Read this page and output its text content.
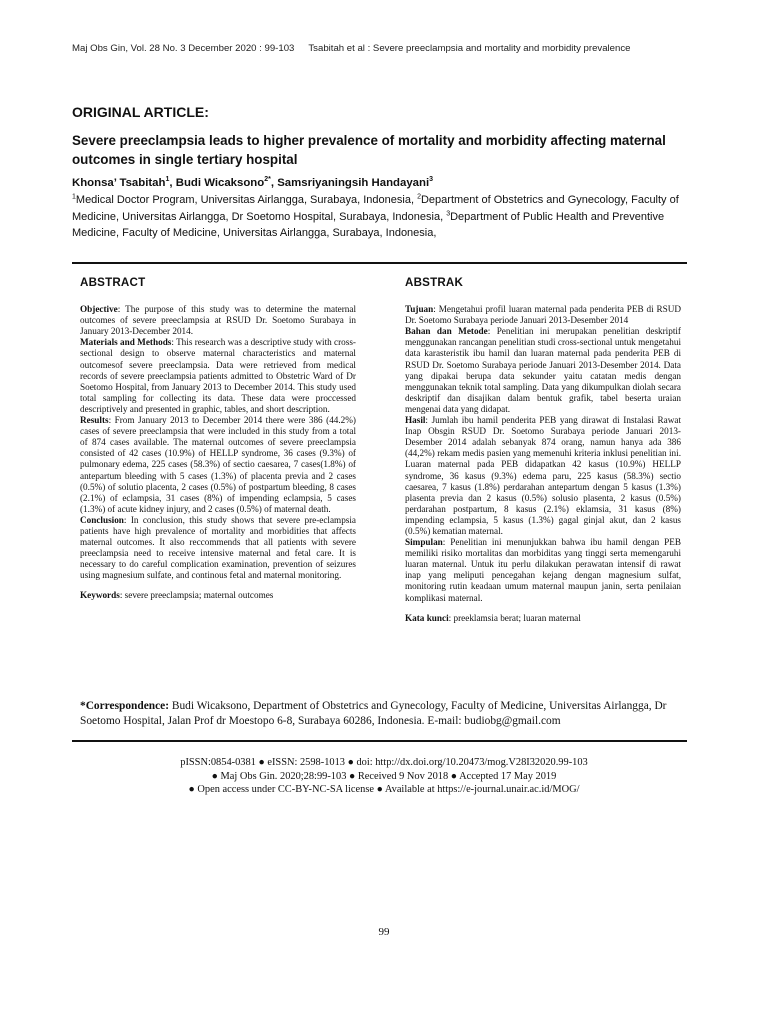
Maj Obs Gin, Vol. 28 No. 3 December 2020 : 99-103 Tsabitah et al : Severe preeclampsia and mortality and morbidity prevalence
ORIGINAL ARTICLE:
Severe preeclampsia leads to higher prevalence of mortality and morbidity affecting maternal outcomes in single tertiary hospital
Khonsa’ Tsabitah$^1$, Budi Wicaksono$^{2*}$, Samsriyaningsih Handayani$^3$
$^1$Medical Doctor Program, Universitas Airlangga, Surabaya, Indonesia, $^2$Department of Obstetrics and Gynecology, Faculty of Medicine, Universitas Airlangga, Dr Soetomo Hospital, Surabaya, Indonesia, $^3$Department of Public Health and Preventive Medicine, Faculty of Medicine, Universitas Airlangga, Surabaya, Indonesia,
ABSTRACT

Objective: The purpose of this study was to determine the maternal outcomes of severe preeclampsia at RSUD Dr. Soetomo Surabaya in January 2013-December 2014.

Materials and Methods: This research was a descriptive study with cross-sectional design to observe maternal characteristics and maternal outcomesof severe preeclampsia. Data were retrieved from medical records of severe preeclampsia patients admitted to Obstetric Ward of Dr Soetomo Hospital, from January 2013 to December 2014. This study used total sampling for collecting its data. These data were proccessed descriptively and presented in graphic, tables, and short description.

Results: From January 2013 to December 2014 there were 386 (44.2%) cases of severe preeclampsia that were included in this study from a total of 874 cases available. The maternal outcomes of severe preeclampsia consisted of 42 cases (10.9%) of HELLP syndrome, 36 cases (9.3%) of pulmonary edema, 225 cases (58.3%) of sectio caesarea, 7 cases(1.8%) of antepartum bleeding with 5 cases (1.3%) of placenta previa and 2 cases (0.5%) of solutio placenta, 2 cases (0.5%) of postpartum bleeding, 8 cases (2.1%) of eclampsia, 31 cases (8%) of impending eclampsia, 5 cases (1.3%) of acute kidney injury, and 2 cases (0.5%) of maternal death.

Conclusion: In conclusion, this study shows that severe pre-eclampsia patients have high prevalence of mortality and morbidities that affects maternal outcomes. It also reccommends that all patients with severe preeclampsia need to receive intensive maternal and fetal care. It is necessary to do careful complication examination, prevention of seizures using magnesium sulfate, and continous fetal and maternal monitoring.

Keywords: severe preeclampsia; maternal outcomes

ABSTRAK

Tujuan: Mengetahui profil luaran maternal pada penderita PEB di RSUD Dr. Soetomo Surabaya periode Januari 2013-Desember 2014

Bahan dan Metode: Penelitian ini merupakan penelitian deskriptif menggunakan rancangan penelitian studi cross-sectional untuk mengetahui data karasteristik ibu hamil dan luaran maternal pada penderita PEB di RSUD Dr. Soetomo Surabaya periode Januari 2013-Desember 2014. Data yang dipakai berupa data sekunder yaitu catatan medis dengan menggunakan teknik total sampling. Data yang dikumpulkan diolah secara deskriptif dan disajikan dalam bentuk grafik, tabel beserta uraian mengenai data yang didapat.

Hasil: Jumlah ibu hamil penderita PEB yang dirawat di Instalasi Rawat Inap Obsgin RSUD Dr. Soetomo Surabaya periode Januari 2013-Desember 2014 adalah sebanyak 874 orang, namun hanya ada 386 (44,2%) rekam medis pasien yang memenuhi kriteria inklusi penelitian ini. Luaran maternal pada PEB didapatkan 42 kasus (10.9%) HELLP syndrome, 36 kasus (9.3%) edema paru, 225 kasus (58.3%) sectio caesarea, 7 kasus (1.8%) perdarahan antepartum dengan 5 kasus (1.3%) plasenta previa dan 2 kasus (0.5%) solusio plasenta, 2 kasus (0.5%) perdarahan postpartum, 8 kasus (2.1%) eklamsia, 31 kasus (8%) impending eclampsia, 5 kasus (1.3%) gagal ginjal akut, dan 2 kasus (0.5%) kematian maternal.

Simpulan: Penelitian ini menunjukkan bahwa ibu hamil dengan PEB memiliki risiko mortalitas dan morbiditas yang tinggi serta memengaruhi luaran maternal. Untuk itu perlu dilakukan perawatan intensif di rawat inap yang meliputi pencegahan kejang dengan magnesium sulfat, monitoring rutin keadaan umum maternal maupun janin, serta penilaian komplikasi maternal.

Kata kunci: preeklamsia berat; luaran maternal

*Correspondence: Budi Wicaksono, Department of Obstetrics and Gynecology, Faculty of Medicine, Universitas Airlangga, Dr Soetomo Hospital, Jalan Prof dr Moestopo 6-8, Surabaya 60286, Indonesia. E-mail: budiobg@gmail.com
pISSN:0854-0381 ● eISSN: 2598-1013 ● doi: http://dx.doi.org/10.20473/mog.V28I32020.99-103
● Maj Obs Gin. 2020;28:99-103 ● Received 9 Nov 2018 ● Accepted 17 May 2019
● Open access under CC-BY-NC-SA license ● Available at https://e-journal.unair.ac.id/MOG/
99
